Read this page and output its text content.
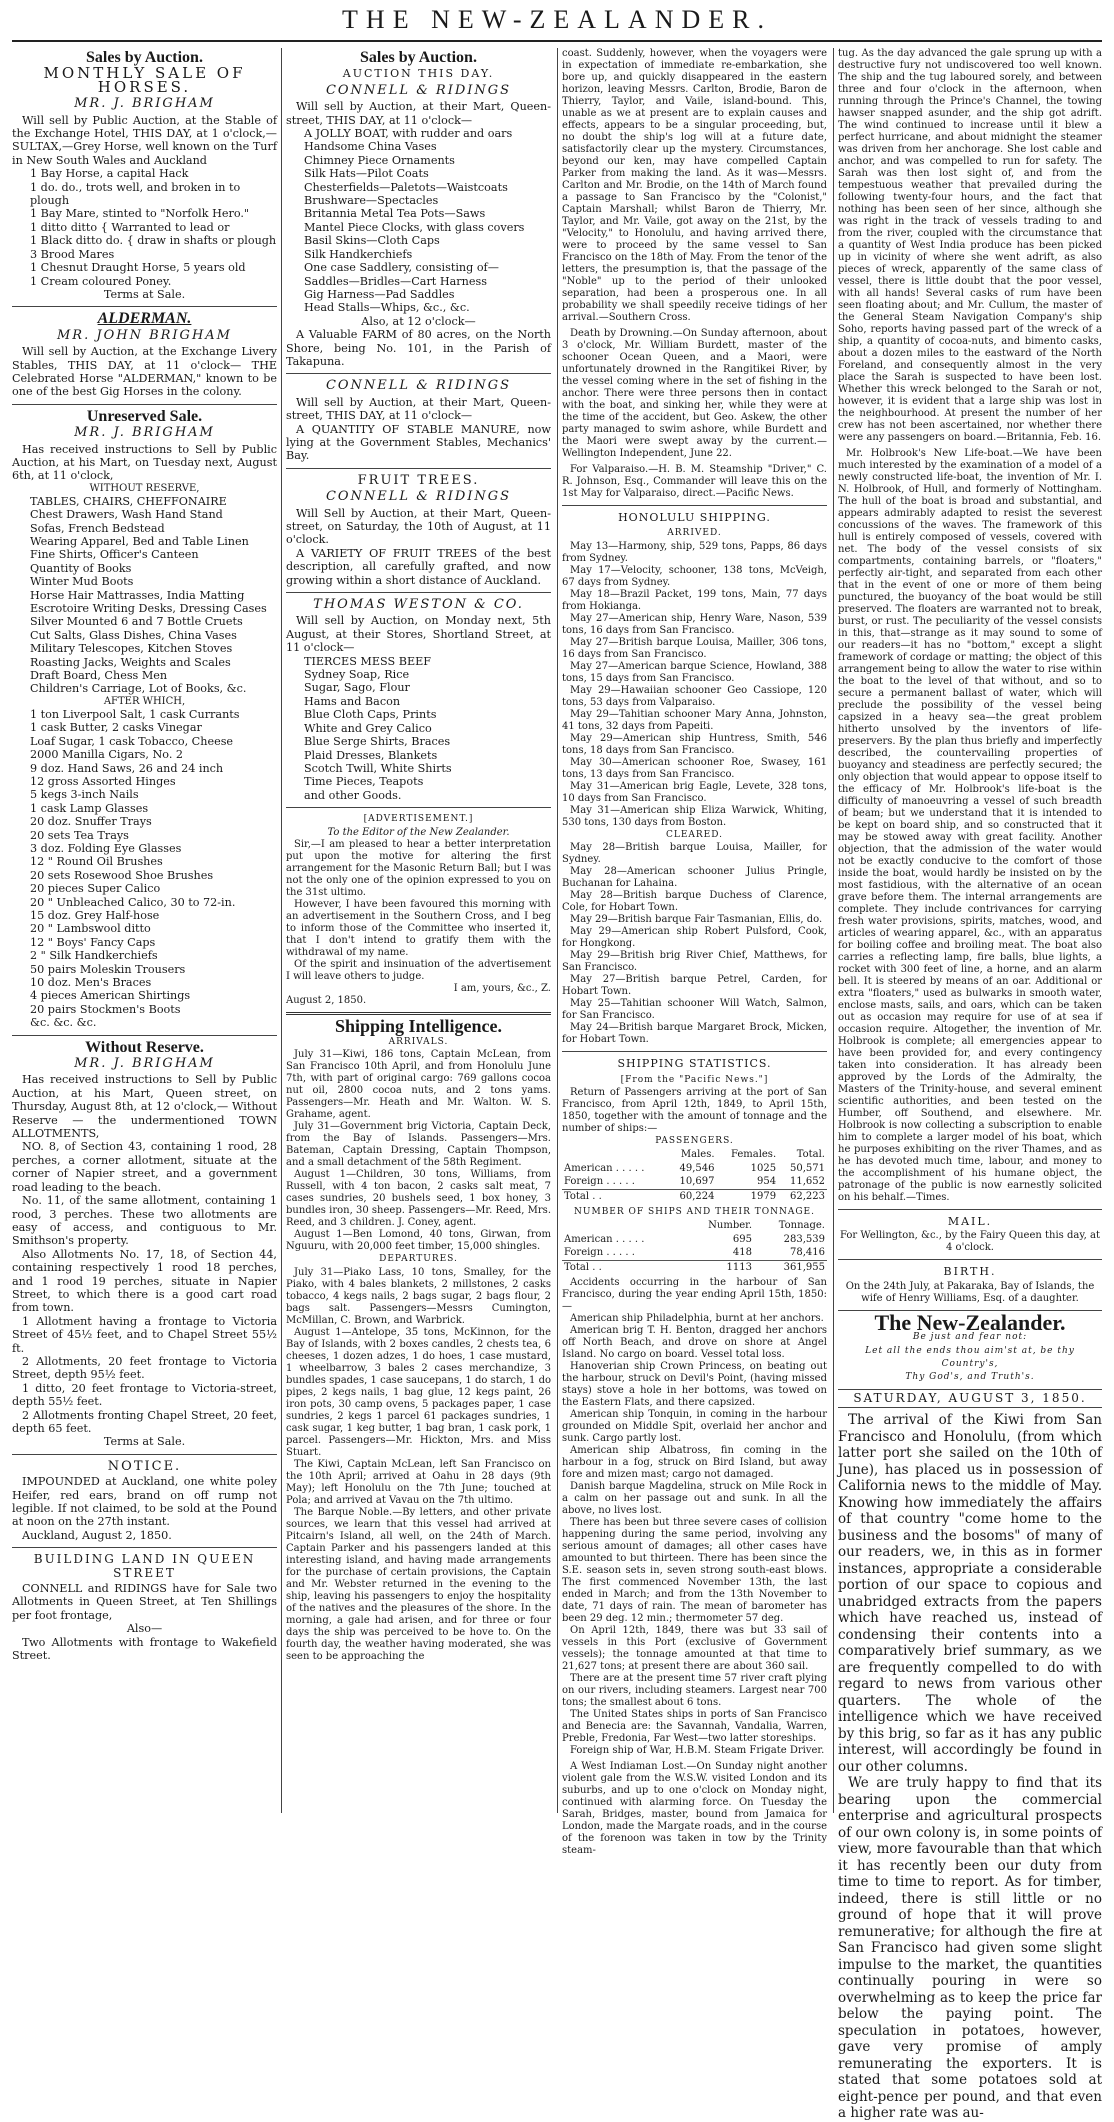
THE NEW-ZEALANDER.
Sales by Auction.
MONTHLY SALE OF HORSES.
MR. J. BRIGHAM
Will sell by Public Auction, at the Stable of the Exchange Hotel, THIS DAY, at 1 o'clock,— SULTAX,—Grey Horse, well known on the Turf in New South Wales and Auckland
1 Bay Horse, a capital Hack
1 do. do., trots well, and broken in to plough
1 Bay Mare, stinted to "Norfolk Hero."
1 ditto ditto { Warranted to lead or
1 Black ditto do. { draw in shafts or plough
3 Brood Mares
1 Chesnut Draught Horse, 5 years old
1 Cream coloured Poney.
Terms at Sale.
ALDERMAN.
MR. JOHN BRIGHAM
Will sell by Auction, at the Exchange Livery Stables, THIS DAY, at 11 o'clock— THE Celebrated Horse "ALDERMAN," known to be one of the best Gig Horses in the colony.
Unreserved Sale.
MR. J. BRIGHAM
Has received instructions to Sell by Public Auction, at his Mart, on Tuesday next, August 6th, at 11 o'clock,
WITHOUT RESERVE,
TABLES, CHAIRS, CHEFFONAIRE
Chest Drawers, Wash Hand Stand
Sofas, French Bedstead
Wearing Apparel, Bed and Table Linen
Fine Shirts, Officer's Canteen
Quantity of Books
Winter Mud Boots
Horse Hair Mattrasses, India Matting
Escrotoire Writing Desks, Dressing Cases
Silver Mounted 6 and 7 Bottle Cruets
Cut Salts, Glass Dishes, China Vases
Military Telescopes, Kitchen Stoves
Roasting Jacks, Weights and Scales
Draft Board, Chess Men
Children's Carriage, Lot of Books, &c.
AFTER WHICH,
1 ton Liverpool Salt, 1 cask Currants
1 cask Butter, 2 casks Vinegar
Loaf Sugar, 1 cask Tobacco, Cheese
2000 Manilla Cigars, No. 2
9 doz. Hand Saws, 26 and 24 inch
12 gross Assorted Hinges
5 kegs 3-inch Nails
1 cask Lamp Glasses
20 doz. Snuffer Trays
20 sets Tea Trays
3 doz. Folding Eye Glasses
12 " Round Oil Brushes
20 sets Rosewood Shoe Brushes
20 pieces Super Calico
20 " Unbleached Calico, 30 to 72-in.
15 doz. Grey Half-hose
20 " Lambswool ditto
12 " Boys' Fancy Caps
2 " Silk Handkerchiefs
50 pairs Moleskin Trousers
10 doz. Men's Braces
4 pieces American Shirtings
20 pairs Stockmen's Boots
&c. &c. &c.
Without Reserve.
MR. J. BRIGHAM
Has received instructions to Sell by Public Auction, at his Mart, Queen street, on Thursday, August 8th, at 12 o'clock,— Without Reserve — the undermentioned TOWN ALLOTMENTS,
NO. 8, of Section 43, containing 1 rood, 28 perches, a corner allotment, situate at the corner of Napier street, and a government road leading to the beach.
No. 11, of the same allotment, containing 1 rood, 3 perches. These two allotments are easy of access, and contiguous to Mr. Smithson's property.
Also Allotments No. 17, 18, of Section 44, containing respectively 1 rood 18 perches, and 1 rood 19 perches, situate in Napier Street, to which there is a good cart road from town.
1 Allotment having a frontage to Victoria Street of 45½ feet, and to Chapel Street 55½ ft.
2 Allotments, 20 feet frontage to Victoria Street, depth 95½ feet.
1 ditto, 20 feet frontage to Victoria-street, depth 55½ feet.
2 Allotments fronting Chapel Street, 20 feet, depth 65 feet.
Terms at Sale.
NOTICE.
IMPOUNDED at Auckland, one white poley Heifer, red ears, brand on off rump not legible. If not claimed, to be sold at the Pound at noon on the 27th instant.
Auckland, August 2, 1850.
BUILDING LAND IN QUEEN STREET
CONNELL and RIDINGS have for Sale two Allotments in Queen Street, at Ten Shillings per foot frontage,
Also—
Two Allotments with frontage to Wakefield Street.
Sales by Auction.
AUCTION THIS DAY.
CONNELL & RIDINGS
Will sell by Auction, at their Mart, Queen-street, THIS DAY, at 11 o'clock—
A JOLLY BOAT, with rudder and oars
Handsome China Vases
Chimney Piece Ornaments
Silk Hats—Pilot Coats
Chesterfields—Paletots—Waistcoats
Brushware—Spectacles
Britannia Metal Tea Pots—Saws
Mantel Piece Clocks, with glass covers
Basil Skins—Cloth Caps
Silk Handkerchiefs
One case Saddlery, consisting of—
Saddles—Bridles—Cart Harness
Gig Harness—Pad Saddles
Head Stalls—Whips, &c., &c.
Also, at 12 o'clock—
A Valuable FARM of 80 acres, on the North Shore, being No. 101, in the Parish of Takapuna.
CONNELL & RIDINGS
Will sell by Auction, at their Mart, Queen-street, THIS DAY, at 11 o'clock—
A QUANTITY OF STABLE MANURE, now lying at the Government Stables, Mechanics' Bay.
FRUIT TREES.
CONNELL & RIDINGS
Will Sell by Auction, at their Mart, Queen-street, on Saturday, the 10th of August, at 11 o'clock.
A VARIETY OF FRUIT TREES of the best description, all carefully grafted, and now growing within a short distance of Auckland.
THOMAS WESTON & CO.
Will sell by Auction, on Monday next, 5th August, at their Stores, Shortland Street, at 11 o'clock—
TIERCES MESS BEEF
Sydney Soap, Rice
Sugar, Sago, Flour
Hams and Bacon
Blue Cloth Caps, Prints
White and Grey Calico
Blue Serge Shirts, Braces
Plaid Dresses, Blankets
Scotch Twill, White Shirts
Time Pieces, Teapots
and other Goods.
[ADVERTISEMENT.]
To the Editor of the New Zealander.
Sir,—I am pleased to hear a better interpretation put upon the motive for altering the first arrangement for the Masonic Return Ball; but I was not the only one of the opinion expressed to you on the 31st ultimo.
However, I have been favoured this morning with an advertisement in the Southern Cross, and I beg to inform those of the Committee who inserted it, that I don't intend to gratify them with the withdrawal of my name.
Of the spirit and insinuation of the advertisement I will leave others to judge.
I am, yours, &c., Z.
August 2, 1850.
Shipping Intelligence.
ARRIVALS.
July 31—Kiwi, 186 tons, Captain McLean, from San Francisco 10th April, and from Honolulu June 7th, with part of original cargo: 769 gallons cocoa nut oil, 2800 cocoa nuts, and 2 tons yams. Passengers—Mr. Heath and Mr. Walton. W. S. Grahame, agent.
July 31—Government brig Victoria, Captain Deck, from the Bay of Islands. Passengers—Mrs. Bateman, Captain Dressing, Captain Thompson, and a small detachment of the 58th Regiment.
August 1—Children, 30 tons, Williams, from Russell, with 4 ton bacon, 2 casks salt meat, 7 cases sundries, 20 bushels seed, 1 box honey, 3 bundles iron, 30 sheep. Passengers—Mr. Reed, Mrs. Reed, and 3 children. J. Coney, agent.
August 1—Ben Lomond, 40 tons, Girwan, from Nguuru, with 20,000 feet timber, 15,000 shingles.
DEPARTURES.
July 31—Piako Lass, 10 tons, Smalley, for the Piako, with 4 bales blankets, 2 millstones, 2 casks tobacco, 4 kegs nails, 2 bags sugar, 2 bags flour, 2 bags salt. Passengers—Messrs Cumington, McMillan, C. Brown, and Warbrick.
August 1—Antelope, 35 tons, McKinnon, for the Bay of Islands, with 2 boxes candles, 2 chests tea, 6 cheeses, 1 dozen adzes, 1 do hoes, 1 case mustard, 1 wheelbarrow, 3 bales 2 cases merchandize, 3 bundles spades, 1 case saucepans, 1 do starch, 1 do pipes, 2 kegs nails, 1 bag glue, 12 kegs paint, 26 iron pots, 30 camp ovens, 5 packages paper, 1 case sundries, 2 kegs 1 parcel 61 packages sundries, 1 cask sugar, 1 keg butter, 1 bag bran, 1 cask pork, 1 parcel. Passengers—Mr. Hickton, Mrs. and Miss Stuart.
The Kiwi, Captain McLean, left San Francisco on the 10th April; arrived at Oahu in 28 days (9th May); left Honolulu on the 7th June; touched at Pola; and arrived at Vavau on the 7th ultimo.
The Barque Noble.—By letters, and other private sources, we learn that this vessel had arrived at Pitcairn's Island, all well, on the 24th of March. Captain Parker and his passengers landed at this interesting island, and having made arrangements for the purchase of certain provisions, the Captain and Mr. Webster returned in the evening to the ship, leaving his passengers to enjoy the hospitality of the natives and the pleasures of the shore. In the morning, a gale had arisen, and for three or four days the ship was perceived to be hove to. On the fourth day, the weather having moderated, she was seen to be approaching the
coast. Suddenly, however, when the voyagers were in expectation of immediate re-embarkation, she bore up, and quickly disappeared in the eastern horizon, leaving Messrs. Carlton, Brodie, Baron de Thierry, Taylor, and Vaile, island-bound. This, unable as we at present are to explain causes and effects, appears to be a singular proceeding, but, no doubt the ship's log will at a future date, satisfactorily clear up the mystery. Circumstances, beyond our ken, may have compelled Captain Parker from making the land. As it was—Messrs. Carlton and Mr. Brodie, on the 14th of March found a passage to San Francisco by the "Colonist," Captain Marshall; whilst Baron de Thierry, Mr. Taylor, and Mr. Vaile, got away on the 21st, by the "Velocity," to Honolulu, and having arrived there, were to proceed by the same vessel to San Francisco on the 18th of May. From the tenor of the letters, the presumption is, that the passage of the "Noble" up to the period of their unlooked separation, had been a prosperous one. In all probability we shall speedily receive tidings of her arrival.—Southern Cross.
Death by Drowning.—On Sunday afternoon, about 3 o'clock, Mr. William Burdett, master of the schooner Ocean Queen, and a Maori, were unfortunately drowned in the Rangitikei River, by the vessel coming where in the set of fishing in the anchor. There were three persons then in contact with the boat, and sinking her, while they were at the time of the accident, but Geo. Askew, the other party managed to swim ashore, while Burdett and the Maori were swept away by the current.—Wellington Independent, June 22.
For Valparaiso.—H. B. M. Steamship "Driver," C. R. Johnson, Esq., Commander will leave this on the 1st May for Valparaiso, direct.—Pacific News.
HONOLULU SHIPPING.
ARRIVED.
May 13—Harmony, ship, 529 tons, Papps, 86 days from Sydney.
May 17—Velocity, schooner, 138 tons, McVeigh, 67 days from Sydney.
May 18—Brazil Packet, 199 tons, Main, 77 days from Hokianga.
May 27—American ship, Henry Ware, Nason, 539 tons, 16 days from San Francisco.
May 27—British barque Louisa, Mailler, 306 tons, 16 days from San Francisco.
May 27—American barque Science, Howland, 388 tons, 15 days from San Francisco.
May 29—Hawaiian schooner Geo Cassiope, 120 tons, 53 days from Valparaiso.
May 29—Tahitian schooner Mary Anna, Johnston, 41 tons, 32 days from Papeiti.
May 29—American ship Huntress, Smith, 546 tons, 18 days from San Francisco.
May 30—American schooner Roe, Swasey, 161 tons, 13 days from San Francisco.
May 31—American brig Eagle, Levete, 328 tons, 10 days from San Francisco.
May 31—American ship Eliza Warwick, Whiting, 530 tons, 130 days from Boston.
CLEARED.
May 28—British barque Louisa, Mailler, for Sydney.
May 28—American schooner Julius Pringle, Buchanan for Lahaina.
May 28—British barque Duchess of Clarence, Cole, for Hobart Town.
May 29—British barque Fair Tasmanian, Ellis, do.
May 29—American ship Robert Pulsford, Cook, for Hongkong.
May 29—British brig River Chief, Matthews, for San Francisco.
May 27—British barque Petrel, Carden, for Hobart Town.
May 25—Tahitian schooner Will Watch, Salmon, for San Francisco.
May 24—British barque Margaret Brock, Micken, for Hobart Town.
SHIPPING STATISTICS.
[From the "Pacific News."]
Return of Passengers arriving at the port of San Francisco, from April 12th, 1849, to April 15th, 1850, together with the amount of tonnage and the number of ships:—
PASSENGERS.
	Males.	Females.	Total.
American . . . . .	49,546	1025	50,571
Foreign . . . . .	10,697	954	11,652
Total . .	60,224	1979	62,223
NUMBER OF SHIPS AND THEIR TONNAGE.
	Number.	Tonnage.
American . . . . .	695	283,539
Foreign . . . . .	418	78,416
Total . .	1113	361,955
Accidents occurring in the harbour of San Francisco, during the year ending April 15th, 1850:—
American ship Philadelphia, burnt at her anchors.
American brig T. H. Benton, dragged her anchors off North Beach, and drove on shore at Angel Island. No cargo on board. Vessel total loss.
Hanoverian ship Crown Princess, on beating out the harbour, struck on Devil's Point, (having missed stays) stove a hole in her bottoms, was towed on the Eastern Flats, and there capsized.
American ship Tonquin, in coming in the harbour grounded on Middle Spit, overlaid her anchor and sunk. Cargo partly lost.
American ship Albatross, fin coming in the harbour in a fog, struck on Bird Island, but away fore and mizen mast; cargo not damaged.
Danish barque Magdelina, struck on Mile Rock in a calm on her passage out and sunk. In all the above, no lives lost.
There has been but three severe cases of collision happening during the same period, involving any serious amount of damages; all other cases have amounted to but thirteen. There has been since the S.E. season sets in, seven strong south-east blows. The first commenced November 13th, the last ended in March; and from the 13th November to date, 71 days of rain. The mean of barometer has been 29 deg. 12 min.; thermometer 57 deg.
On April 12th, 1849, there was but 33 sail of vessels in this Port (exclusive of Government vessels); the tonnage amounted at that time to 21,627 tons; at present there are about 360 sail.
There are at the present time 57 river craft plying on our rivers, including steamers. Largest near 700 tons; the smallest about 6 tons.
The United States ships in ports of San Francisco and Benecia are: the Savannah, Vandalia, Warren, Preble, Fredonia, Far West—two latter storeships.
Foreign ship of War, H.B.M. Steam Frigate Driver.
A West Indiaman Lost.—On Sunday night another violent gale from the W.S.W. visited London and its suburbs, and up to one o'clock on Monday night, continued with alarming force. On Tuesday the Sarah, Bridges, master, bound from Jamaica for London, made the Margate roads, and in the course of the forenoon was taken in tow by the Trinity steam-
tug. As the day advanced the gale sprung up with a destructive fury not undiscovered too well known. The ship and the tug laboured sorely, and between three and four o'clock in the afternoon, when running through the Prince's Channel, the towing hawser snapped asunder, and the ship got adrift. The wind continued to increase until it blew a perfect hurricane, and about midnight the steamer was driven from her anchorage. She lost cable and anchor, and was compelled to run for safety. The Sarah was then lost sight of, and from the tempestuous weather that prevailed during the following twenty-four hours, and the fact that nothing has been seen of her since, although she was right in the track of vessels trading to and from the river, coupled with the circumstance that a quantity of West India produce has been picked up in vicinity of where she went adrift, as also pieces of wreck, apparently of the same class of vessel, there is little doubt that the poor vessel, with all hands! Several casks of rum have been seen floating about; and Mr. Cullum, the master of the General Steam Navigation Company's ship Soho, reports having passed part of the wreck of a ship, a quantity of cocoa-nuts, and bimento casks, about a dozen miles to the eastward of the North Foreland, and consequently almost in the very place the Sarah is suspected to have been lost. Whether this wreck belonged to the Sarah or not, however, it is evident that a large ship was lost in the neighbourhood. At present the number of her crew has not been ascertained, nor whether there were any passengers on board.—Britannia, Feb. 16.
Mr. Holbrook's New Life-boat.—We have been much interested by the examination of a model of a newly constructed life-boat, the invention of Mr. I. N. Holbrook, of Hull, and formerly of Nottingham. The hull of the boat is broad and substantial, and appears admirably adapted to resist the severest concussions of the waves. The framework of this hull is entirely composed of vessels, covered with net. The body of the vessel consists of six compartments, containing barrels, or "floaters," perfectly air-tight, and separated from each other that in the event of one or more of them being punctured, the buoyancy of the boat would be still preserved. The floaters are warranted not to break, burst, or rust. The peculiarity of the vessel consists in this, that—strange as it may sound to some of our readers—it has no "bottom," except a slight framework of cordage or matting; the object of this arrangement being to allow the water to rise within the boat to the level of that without, and so to secure a permanent ballast of water, which will preclude the possibility of the vessel being capsized in a heavy sea—the great problem hitherto unsolved by the inventors of life-preservers. By the plan thus briefly and imperfectly described, the countervailing properties of buoyancy and steadiness are perfectly secured; the only objection that would appear to oppose itself to the efficacy of Mr. Holbrook's life-boat is the difficulty of manoeuvring a vessel of such breadth of beam; but we understand that it is intended to be kept on board ship, and so constructed that it may be stowed away with great facility. Another objection, that the admission of the water would not be exactly conducive to the comfort of those inside the boat, would hardly be insisted on by the most fastidious, with the alternative of an ocean grave before them. The internal arrangements are complete. They include contrivances for carrying fresh water provisions, spirits, matches, wood, and articles of wearing apparel, &c., with an apparatus for boiling coffee and broiling meat. The boat also carries a reflecting lamp, fire balls, blue lights, a rocket with 300 feet of line, a horne, and an alarm bell. It is steered by means of an oar. Additional or extra "floaters," used as bulwarks in smooth water, enclose masts, sails, and oars, which can be taken out as occasion may require for use of at sea if occasion require. Altogether, the invention of Mr. Holbrook is complete; all emergencies appear to have been provided for, and every contingency taken into consideration. It has already been approved by the Lords of the Admiralty, the Masters of the Trinity-house, and several eminent scientific authorities, and been tested on the Humber, off Southend, and elsewhere. Mr. Holbrook is now collecting a subscription to enable him to complete a larger model of his boat, which he purposes exhibiting on the river Thames, and as he has devoted much time, labour, and money to the accomplishment of his humane object, the patronage of the public is now earnestly solicited on his behalf.—Times.
MAIL.
For Wellington, &c., by the Fairy Queen this day, at 4 o'clock.
BIRTH.
On the 24th July, at Pakaraka, Bay of Islands, the wife of Henry Williams, Esq. of a daughter.
The New-Zealander.
Be just and fear not:
Let all the ends thou aim'st at, be thy Country's,
Thy God's, and Truth's.
SATURDAY, AUGUST 3, 1850.
The arrival of the Kiwi from San Francisco and Honolulu, (from which latter port she sailed on the 10th of June), has placed us in possession of California news to the middle of May. Knowing how immediately the affairs of that country "come home to the business and the bosoms" of many of our readers, we, in this as in former instances, appropriate a considerable portion of our space to copious and unabridged extracts from the papers which have reached us, instead of condensing their contents into a comparatively brief summary, as we are frequently compelled to do with regard to news from various other quarters. The whole of the intelligence which we have received by this brig, so far as it has any public interest, will accordingly be found in our other columns.
We are truly happy to find that its bearing upon the commercial enterprise and agricultural prospects of our own colony is, in some points of view, more favourable than that which it has recently been our duty from time to time to report. As for timber, indeed, there is still little or no ground of hope that it will prove remunerative; for although the fire at San Francisco had given some slight impulse to the market, the quantities continually pouring in were so overwhelming as to keep the price far below the paying point. The speculation in potatoes, however, gave very promise of amply remunerating the exporters. It is stated that some potatoes sold at eight-pence per pound, and that even a higher rate was au-
